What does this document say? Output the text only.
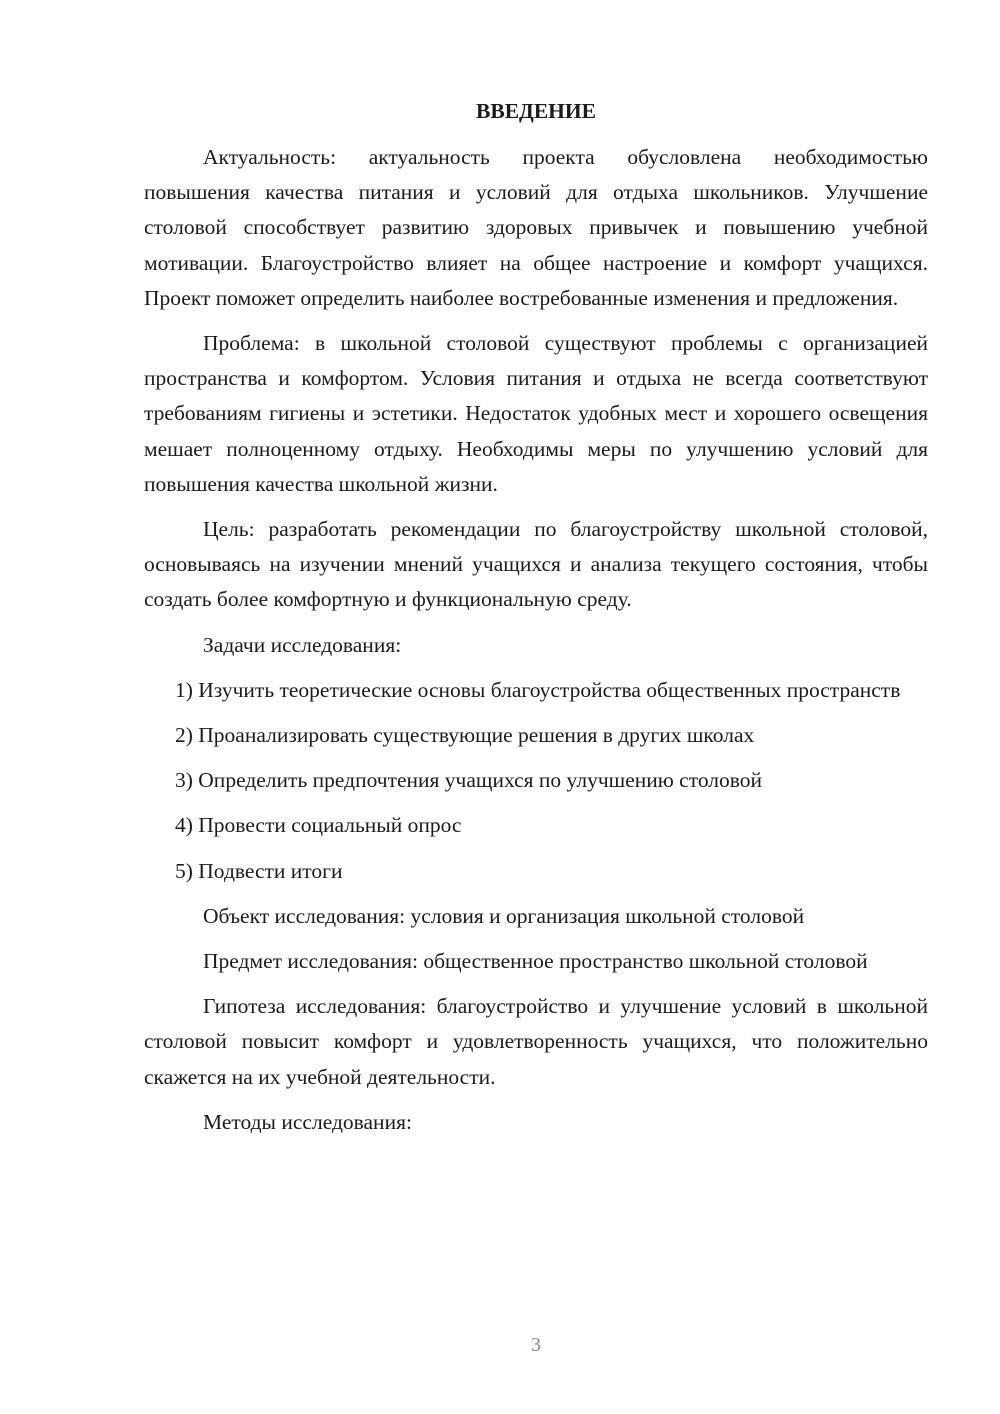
ВВЕДЕНИЕ

Актуальность: актуальность проекта обусловлена необходимостью повышения качества питания и условий для отдыха школьников. Улучшение столовой способствует развитию здоровых привычек и повышению учебной мотивации. Благоустройство влияет на общее настроение и комфорт учащихся. Проект поможет определить наиболее востребованные изменения и предложения.

Проблема: в школьной столовой существуют проблемы с организацией пространства и комфортом. Условия питания и отдыха не всегда соответствуют требованиям гигиены и эстетики. Недостаток удобных мест и хорошего освещения мешает полноценному отдыху. Необходимы меры по улучшению условий для повышения качества школьной жизни.

Цель: разработать рекомендации по благоустройству школьной столовой, основываясь на изучении мнений учащихся и анализа текущего состояния, чтобы создать более комфортную и функциональную среду.

Задачи исследования:

1) Изучить теоретические основы благоустройства общественных пространств

2) Проанализировать существующие решения в других школах

3) Определить предпочтения учащихся по улучшению столовой

4) Провести социальный опрос

5) Подвести итоги

Объект исследования: условия и организация школьной столовой

Предмет исследования: общественное пространство школьной столовой

Гипотеза исследования: благоустройство и улучшение условий в школьной столовой повысит комфорт и удовлетворенность учащихся, что положительно скажется на их учебной деятельности.

Методы исследования:

3
